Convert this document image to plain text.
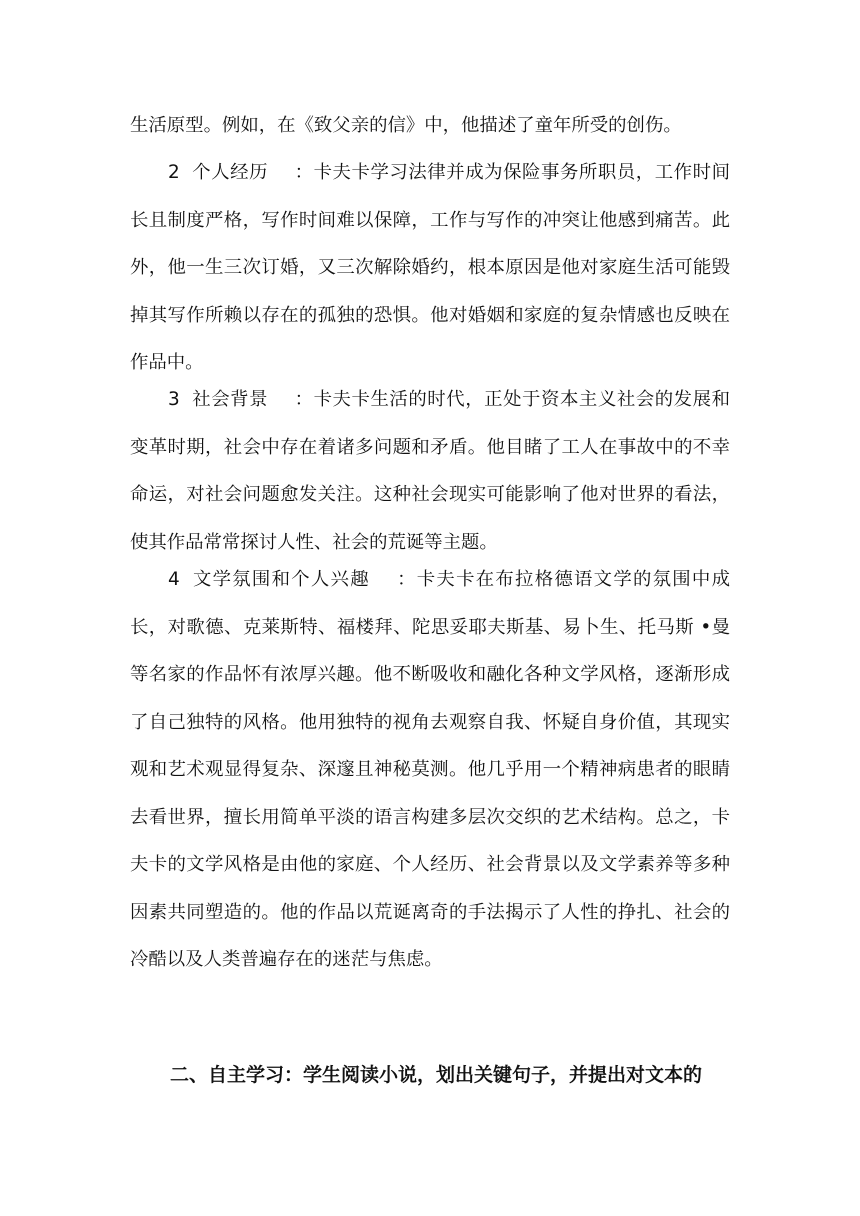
生活原型。例如，在《致父亲的信》中，他描述了童年所受的创伤。

2 个人经历 ：卡夫卡学习法律并成为保险事务所职员，工作时间长且制度严格，写作时间难以保障，工作与写作的冲突让他感到痛苦。此外，他一生三次订婚，又三次解除婚约，根本原因是他对家庭生活可能毁掉其写作所赖以存在的孤独的恐惧。他对婚姻和家庭的复杂情感也反映在作品中。

3 社会背景 ：卡夫卡生活的时代，正处于资本主义社会的发展和变革时期，社会中存在着诸多问题和矛盾。他目睹了工人在事故中的不幸命运，对社会问题愈发关注。这种社会现实可能影响了他对世界的看法，使其作品常常探讨人性、社会的荒诞等主题。

4 文学氛围和个人兴趣 ：卡夫卡在布拉格德语文学的氛围中成长，对歌德、克莱斯特、福楼拜、陀思妥耶夫斯基、易卜生、托马斯 •曼等名家的作品怀有浓厚兴趣。他不断吸收和融化各种文学风格，逐渐形成了自己独特的风格。他用独特的视角去观察自我、怀疑自身价值，其现实观和艺术观显得复杂、深邃且神秘莫测。他几乎用一个精神病患者的眼睛去看世界，擅长用简单平淡的语言构建多层次交织的艺术结构。总之，卡夫卡的文学风格是由他的家庭、个人经历、社会背景以及文学素养等多种因素共同塑造的。他的作品以荒诞离奇的手法揭示了人性的挣扎、社会的冷酷以及人类普遍存在的迷茫与焦虑。

二、自主学习：学生阅读小说，划出关键句子，并提出对文本的
